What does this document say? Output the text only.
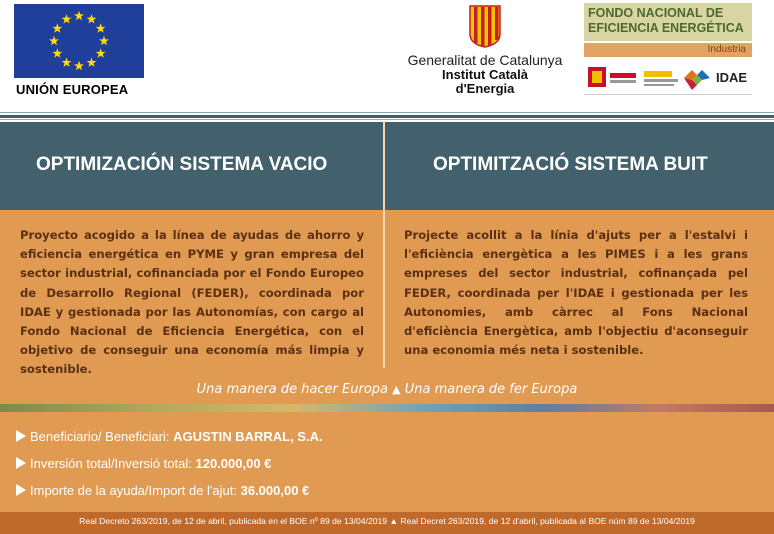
UNIÓN EUROPEA
Generalitat de Catalunya
Institut Català
d'Energia
FONDO NACIONAL DE
EFICIENCIA ENERGÉTICA
Industria
IDAE
OPTIMIZACIÓN SISTEMA VACIO	OPTIMITZACIÓ SISTEMA BUIT
Proyecto acogido a la línea de ayudas de ahorro y eficiencia energética en PYME y gran empresa del sector industrial, cofinanciada por el Fondo Europeo de Desarrollo Regional (FEDER), coordinada por IDAE y gestionada por las Autonomías, con cargo al Fondo Nacional de Eficiencia Energética, con el objetivo de conseguir una economía más limpia y sostenible.
Projecte acollit a la línia d'ajuts per a l'estalvi i l'eficiència energètica a les PIMES i a les grans empreses del sector industrial, cofinançada pel FEDER, coordinada per l'IDAE i gestionada per les Autonomies, amb càrrec al Fons Nacional d'eficiència Energètica, amb l'objectiu d'aconseguir una economia més neta i sostenible.
Una manera de hacer Europa ▲ Una manera de fer Europa
Beneficiario/ Beneficiari: AGUSTIN BARRAL, S.A.
Inversión total/Inversió total: 120.000,00 €
Importe de la ayuda/Import de l'ajut: 36.000,00 €
Real Decreto 263/2019, de 12 de abril, publicada en el BOE nº 89 de 13/04/2019 ▲ Real Decret 263/2019, de 12 d'abril, publicada al BOE núm 89 de 13/04/2019
